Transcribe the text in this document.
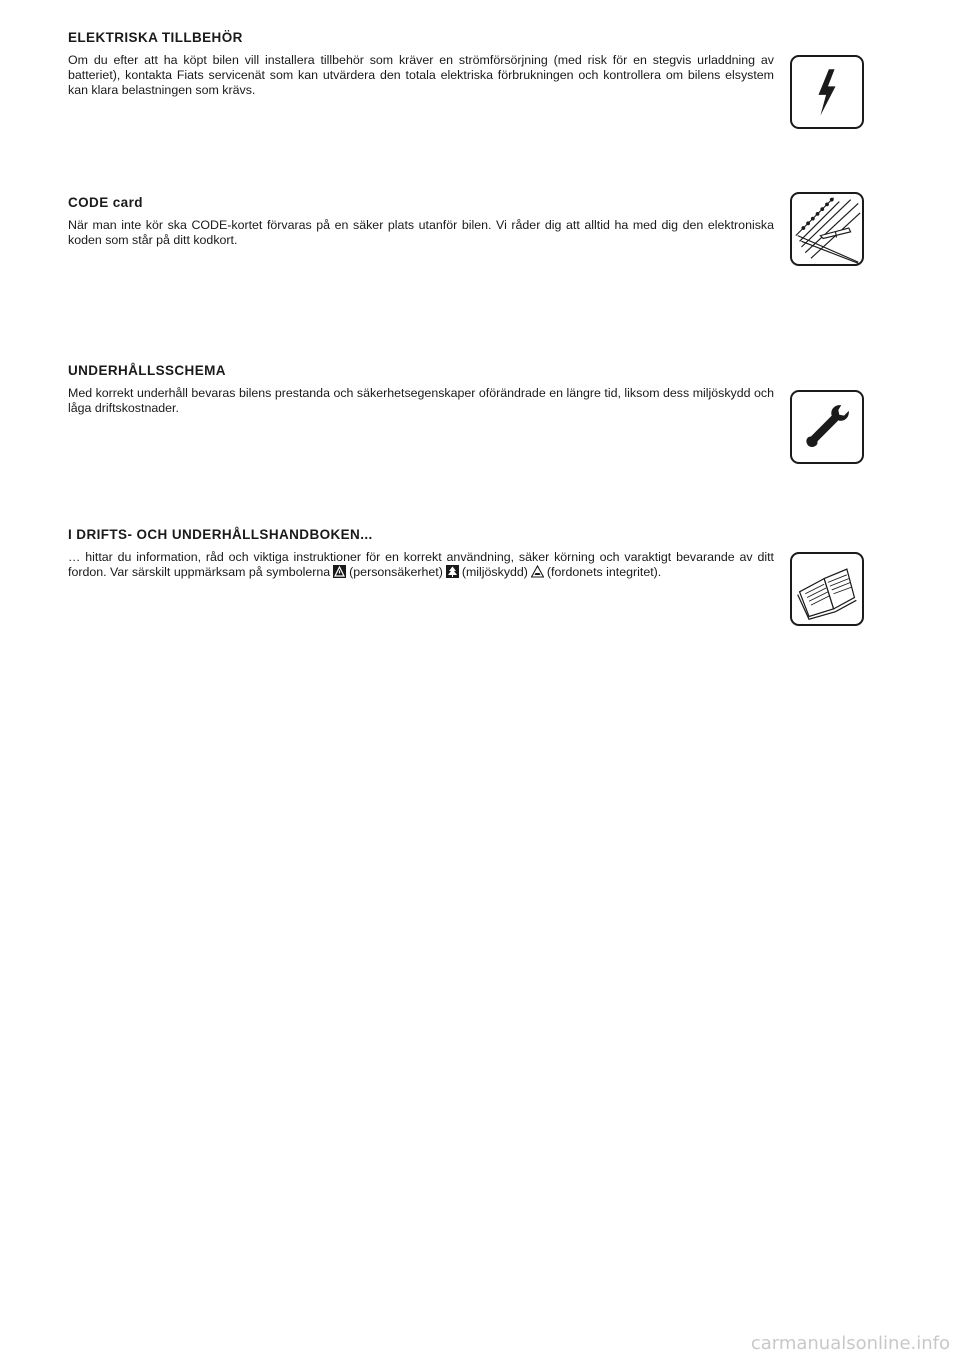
ELEKTRISKA TILLBEHÖR

Om du efter att ha köpt bilen vill installera tillbehör som kräver en strömförsörjning (med risk för en stegvis urladdning av batteriet), kontakta Fiats servicenät som kan utvärdera den totala elektriska förbrukningen och kontrollera om bilens elsystem kan klara belastningen som krävs.

CODE card

När man inte kör ska CODE-kortet förvaras på en säker plats utanför bilen. Vi råder dig att alltid ha med dig den elektroniska koden som står på ditt kodkort.

UNDERHÅLLSSCHEMA

Med korrekt underhåll bevaras bilens prestanda och säkerhetsegenskaper oförändrade en längre tid, liksom dess miljöskydd och låga driftskostnader.

I DRIFTS- OCH UNDERHÅLLSHANDBOKEN...

… hittar du information, råd och viktiga instruktioner för en korrekt användning, säker körning och varaktigt bevarande av ditt fordon. Var särskilt uppmärksam på symbolerna (personsäkerhet) (miljöskydd) (fordonets integritet).

carmanualsonline.info
